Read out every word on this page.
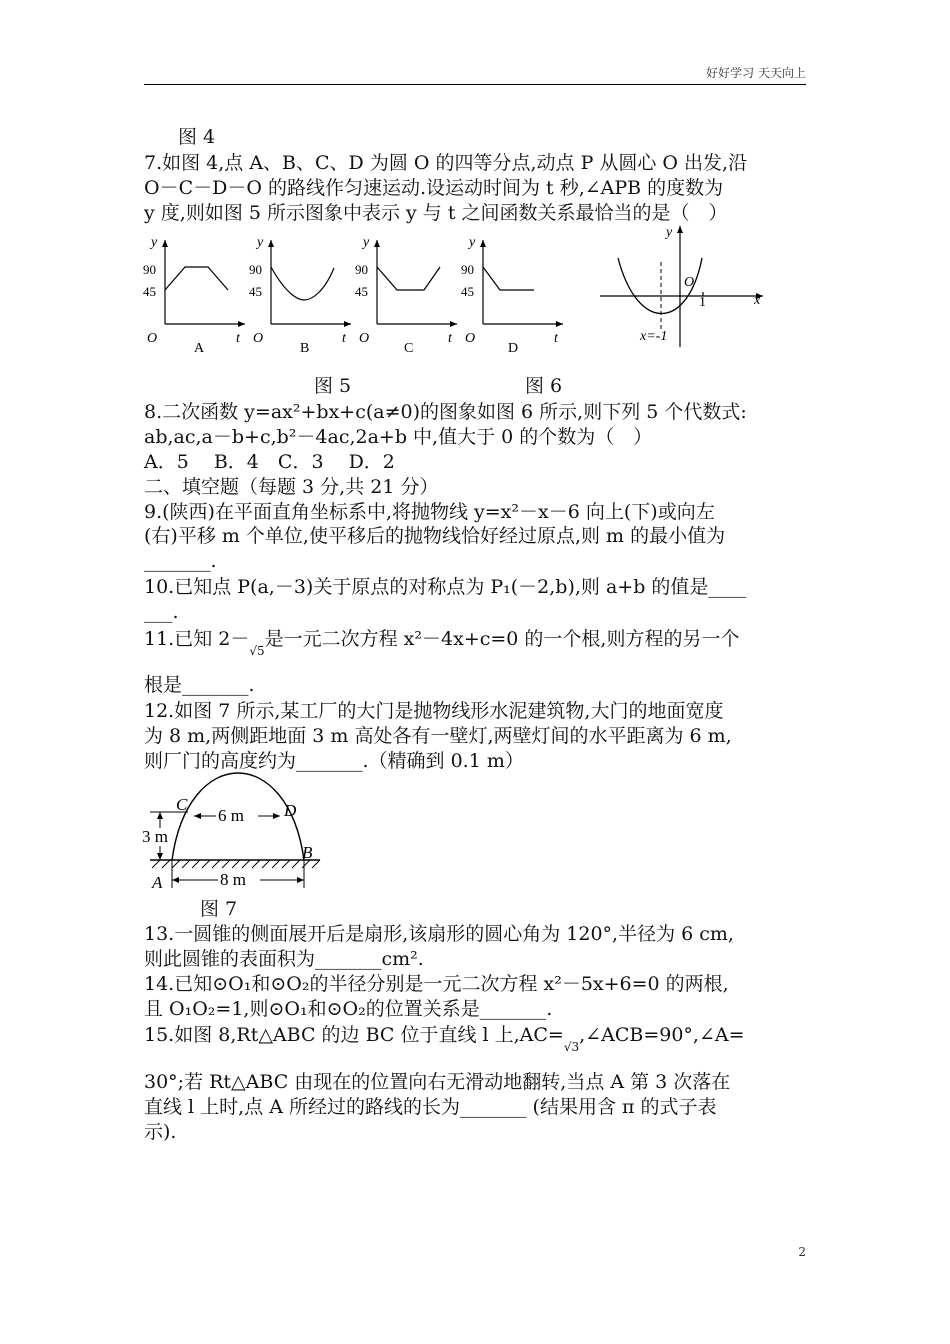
好好学习 天天向上
图 4
7.如图 4,点 A、B、C、D 为圆 O 的四等分点,动点 P 从圆心 O 出发,沿
O－C－D－O 的路线作匀速运动.设运动时间为 t 秒,∠APB 的度数为
y 度,则如图 5 所示图象中表示 y 与 t 之间函数关系最恰当的是（　）
y
t
O
90
45
A
y
t
O
90
45
B
y
t
O
90
45
C
y
t
O
90
45
D
y
x
O
1
x=-1
图 5	图 6
8.二次函数 y=ax²+bx+c(a≠0)的图象如图 6 所示,则下列 5 个代数式:
ab,ac,a－b+c,b²－4ac,2a+b 中,值大于 0 的个数为（　）
A．5　 B．4　C．3　 D．2
二、填空题（每题 3 分,共 21 分）
9.(陕西)在平面直角坐标系中,将抛物线 y=x²－x－6 向上(下)或向左
(右)平移 m 个单位,使平移后的抛物线恰好经过原点,则 m 的最小值为
_______.
10.已知点 P(a,－3)关于原点的对称点为 P₁(－2,b),则 a+b 的值是____
___.
11.已知 $2-_{√5}$是一元二次方程 x²－4x+c=0 的一个根,则方程的另一个
根是_______.
12.如图 7 所示,某工厂的大门是抛物线形水泥建筑物,大门的地面宽度
为 8 m,两侧距地面 3 m 高处各有一壁灯,两壁灯间的水平距离为 6 m,
则厂门的高度约为_______.（精确到 0.1 m）
C	D
A
B
6 m
3 m
8 m
图 7
13.一圆锥的侧面展开后是扇形,该扇形的圆心角为 120°,半径为 6 cm,
则此圆锥的表面积为_______cm².
14.已知⊙O₁和⊙O₂的半径分别是一元二次方程 x²－5x+6=0 的两根,
且 O₁O₂=1,则⊙O₁和⊙O₂的位置关系是_______.
15.如图 8,Rt△ABC 的边 BC 位于直线 l 上$,AC=_{√3},\angle ACB=90^\circ,\angle A=$
30°;若 Rt△ABC 由现在的位置向右无滑动地翻转,当点 A 第 3 次落在
直线 l 上时,点 A 所经过的路线的长为_______ (结果用含 π 的式子表
示).
2
